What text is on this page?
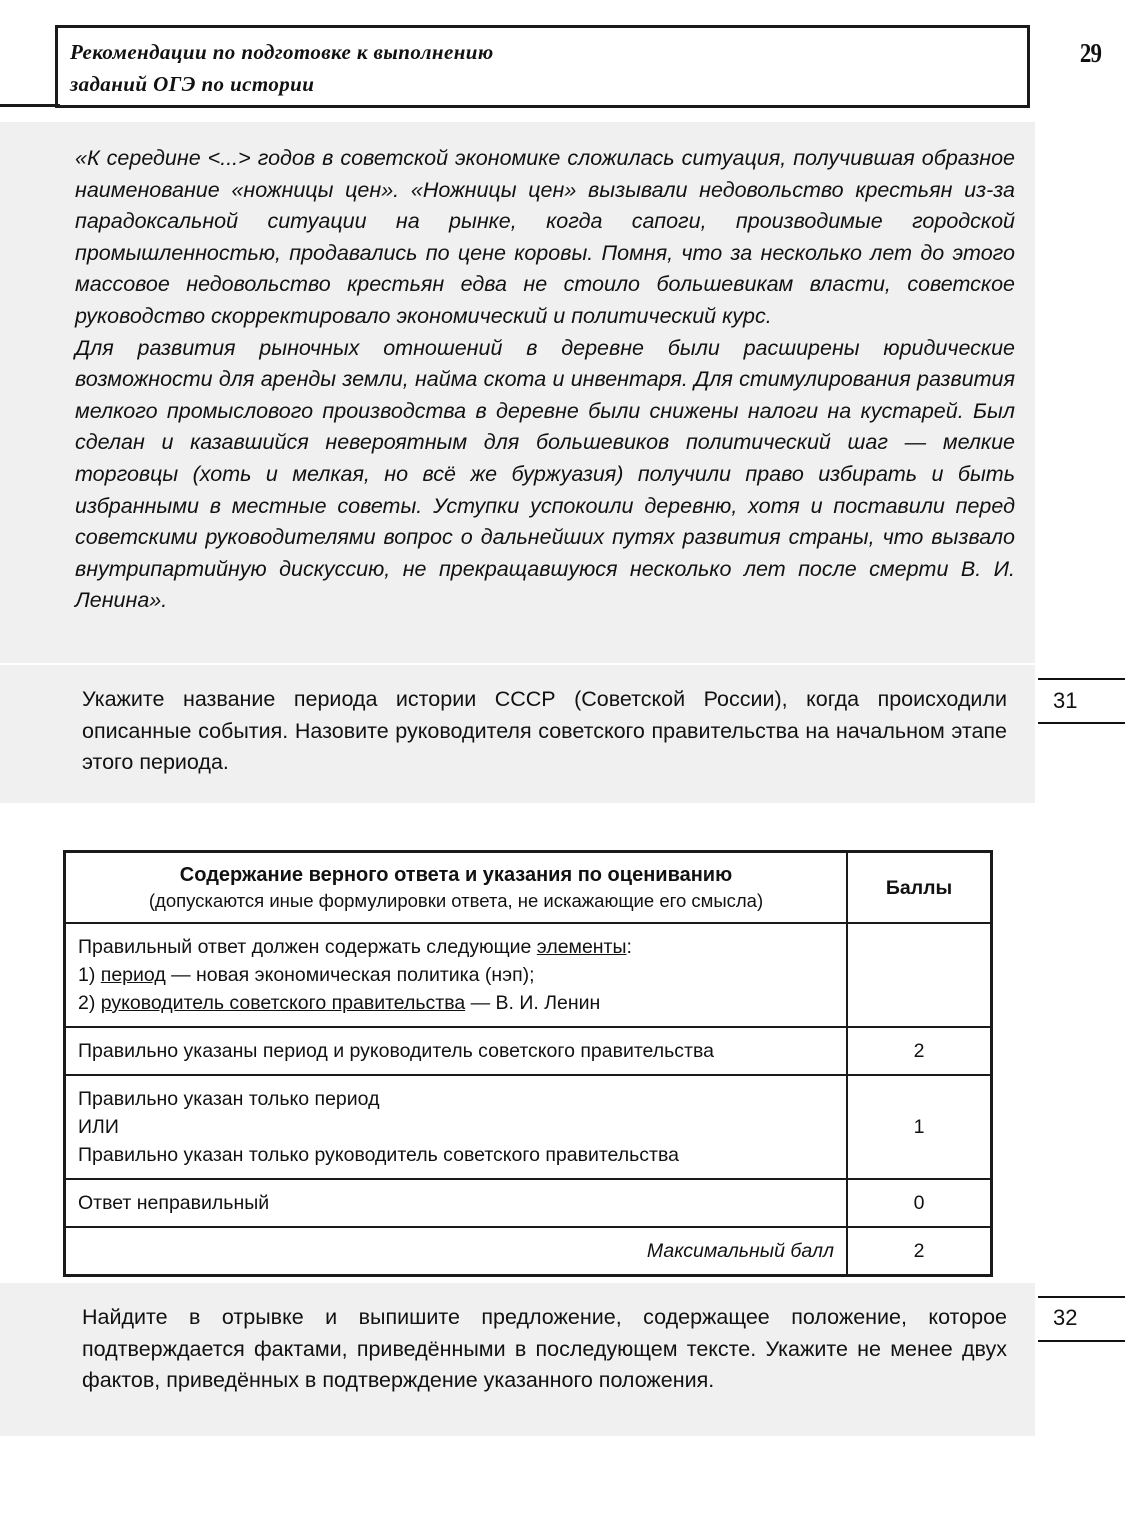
Рекомендации по подготовке к выполнению
заданий ОГЭ по истории
29

«К середине <...> годов в советской экономике сложилась ситуация, получившая образное наименование «ножницы цен». «Ножницы цен» вызывали недовольство крестьян из-за парадоксальной ситуации на рынке, когда сапоги, производимые городской промышленностью, продавались по цене коровы. Помня, что за несколько лет до этого массовое недовольство крестьян едва не стоило большевикам власти, советское руководство скорректировало экономический и политический курс.

Для развития рыночных отношений в деревне были расширены юридические возможности для аренды земли, найма скота и инвентаря. Для стимулирования развития мелкого промыслового производства в деревне были снижены налоги на кустарей. Был сделан и казавшийся невероятным для большевиков политический шаг — мелкие торговцы (хоть и мелкая, но всё же буржуазия) получили право избирать и быть избранными в местные советы. Уступки успокоили деревню, хотя и поставили перед советскими руководителями вопрос о дальнейших путях развития страны, что вызвало внутрипартийную дискуссию, не прекращавшуюся несколько лет после смерти В. И. Ленина».

Укажите название периода истории СССР (Советской России), когда происходили описанные события. Назовите руководителя советского правительства на начальном этапе этого периода.
31
Содержание верного ответа и указания по оцениванию
(допускаются иные формулировки ответа, не искажающие его смысла)	Баллы

Правильный ответ должен содержать следующие элементы:
1) период — новая экономическая политика (нэп);
2) руководитель советского правительства — В. И. Ленин	

Правильно указаны период и руководитель советского правительства	2

Правильно указан только период
ИЛИ
Правильно указан только руководитель советского правительства	1
Ответ неправильный	0
Максимальный балл	2
Найдите в отрывке и выпишите предложение, содержащее положение, которое подтверждается фактами, приведёнными в последующем тексте. Укажите не менее двух фактов, приведённых в подтверждение указанного положения.
32
